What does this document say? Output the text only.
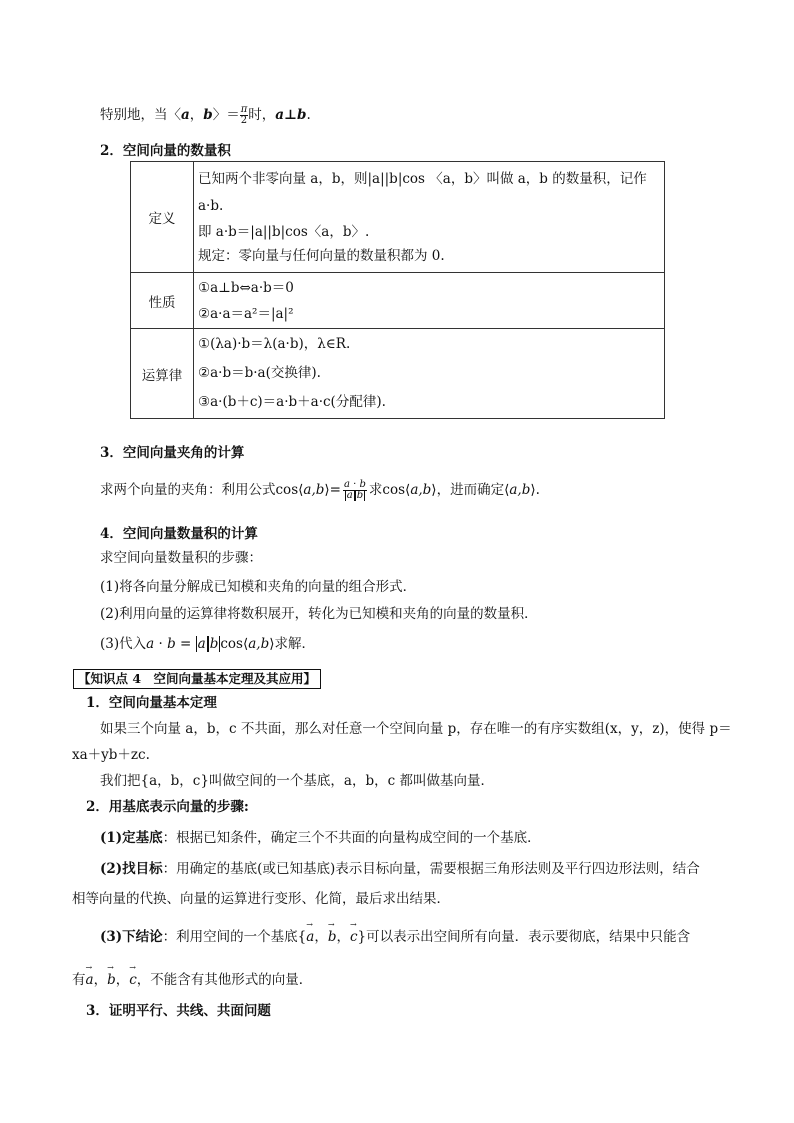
特别地，当〈a，b〉＝ $\frac{\pi}{2}$ 时，a⊥b.
2．空间向量的数量积
定义	已知两个非零向量 a，b，则|a||b|cos 〈a，b〉叫做 a，b 的数量积，记作
a·b.
即 a·b＝|a||b|cos〈a，b〉.
规定：零向量与任何向量的数量积都为 0.

性质	①a⊥b⇔a·b＝0
②a·a＝a²＝|a|²

运算律	①(λa)·b＝λ(a·b)，λ∈R.
②a·b＝b·a(交换律).
③a·(b＋c)＝a·b＋a·c(分配律).
3．空间向量夹角的计算
求两个向量的夹角：利用公式cos⟨a,b⟩= $\frac{a \cdot b}{\text{a b}}$ 求cos⟨a,b⟩，进而确定⟨a,b⟩.
4．空间向量数量积的计算
求空间向量数量积的步骤：
(1)将各向量分解成已知模和夹角的向量的组合形式．
(2)利用向量的运算律将数积展开，转化为已知模和夹角的向量的数量积．
(3)代入a · b = a b cos⟨a,b⟩求解．
【知识点 4　空间向量基本定理及其应用】
1．空间向量基本定理
如果三个向量 a，b，c 不共面，那么对任意一个空间向量 p，存在唯一的有序实数组(x，y，z)，使得 p＝
xa＋yb＋zc.
我们把{a，b，c}叫做空间的一个基底，a，b，c 都叫做基向量．
2．用基底表示向量的步骤:
(1)定基底：根据已知条件，确定三个不共面的向量构成空间的一个基底．
(2)找目标：用确定的基底(或已知基底)表示目标向量，需要根据三角形法则及平行四边形法则，结合
相等向量的代换、向量的运算进行变形、化简，最后求出结果．
(3)下结论：利用空间的一个基底{→ a，→ b，→ c}可以表示出空间所有向量．表示要彻底，结果中只能含
有→ a，→ b，→ c，不能含有其他形式的向量．
3．证明平行、共线、共面问题
